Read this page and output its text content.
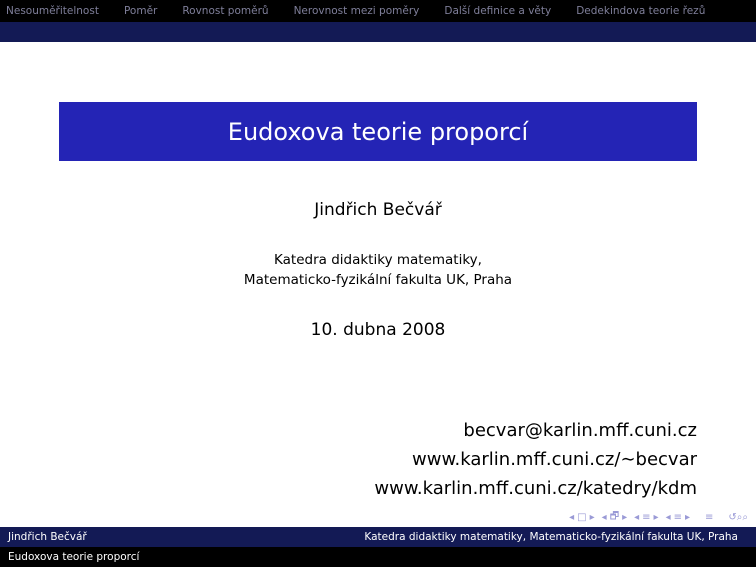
Nesouměřitelnost Poměr Rovnost poměrů Nerovnost mezi poměry Další definice a věty Dedekindova teorie řezů
Eudoxova teorie proporcí
Jindřich Bečvář
Katedra didaktiky matematiky,
Matematicko-fyzikální fakulta UK, Praha
10. dubna 2008
becvar@karlin.mff.cuni.cz
www.karlin.mff.cuni.cz/∼becvar
www.karlin.mff.cuni.cz/katedry/kdm
◂ □ ▸ ◂ 🗗 ▸ ◂ ≡ ▸ ◂ ≡ ▸ ≡ ↺⌕⌕
Jindřich Bečvář	Katedra didaktiky matematiky, Matematicko-fyzikální fakulta UK, Praha
Eudoxova teorie proporcí
